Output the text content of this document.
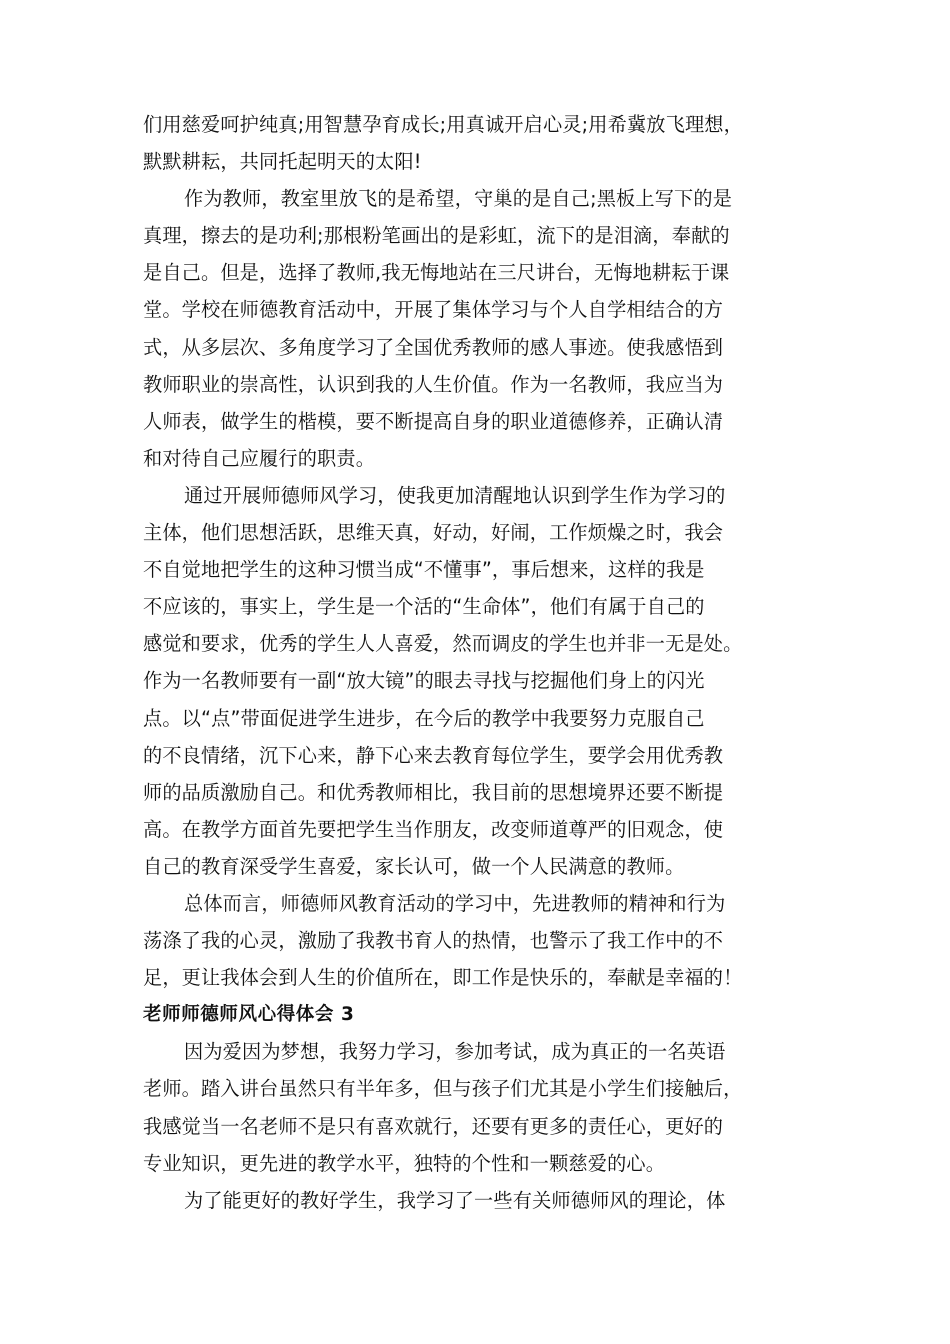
们用慈爱呵护纯真;用智慧孕育成长;用真诚开启心灵;用希冀放飞理想，
默默耕耘，共同托起明天的太阳!
作为教师，教室里放飞的是希望，守巢的是自己;黑板上写下的是
真理，擦去的是功利;那根粉笔画出的是彩虹，流下的是泪滴，奉献的
是自己。但是，选择了教师,我无悔地站在三尺讲台，无悔地耕耘于课
堂。学校在师德教育活动中，开展了集体学习与个人自学相结合的方
式，从多层次、多角度学习了全国优秀教师的感人事迹。使我感悟到
教师职业的崇高性，认识到我的人生价值。作为一名教师，我应当为
人师表，做学生的楷模，要不断提高自身的职业道德修养，正确认清
和对待自己应履行的职责。
通过开展师德师风学习，使我更加清醒地认识到学生作为学习的
主体，他们思想活跃，思维天真，好动，好闹，工作烦燥之时，我会
不自觉地把学生的这种习惯当成“不懂事”，事后想来，这样的我是
不应该的，事实上，学生是一个活的“生命体”，他们有属于自己的
感觉和要求，优秀的学生人人喜爱，然而调皮的学生也并非一无是处。
作为一名教师要有一副“放大镜”的眼去寻找与挖掘他们身上的闪光
点。以“点”带面促进学生进步，在今后的教学中我要努力克服自己
的不良情绪，沉下心来，静下心来去教育每位学生，要学会用优秀教
师的品质激励自己。和优秀教师相比，我目前的思想境界还要不断提
高。在教学方面首先要把学生当作朋友，改变师道尊严的旧观念，使
自己的教育深受学生喜爱，家长认可，做一个人民满意的教师。
总体而言，师德师风教育活动的学习中，先进教师的精神和行为
荡涤了我的心灵，激励了我教书育人的热情，也警示了我工作中的不
足，更让我体会到人生的价值所在，即工作是快乐的，奉献是幸福的！
老师师德师风心得体会 3
因为爱因为梦想，我努力学习，参加考试，成为真正的一名英语
老师。踏入讲台虽然只有半年多，但与孩子们尤其是小学生们接触后，
我感觉当一名老师不是只有喜欢就行，还要有更多的责任心，更好的
专业知识，更先进的教学水平，独特的个性和一颗慈爱的心。
为了能更好的教好学生，我学习了一些有关师德师风的理论，体
